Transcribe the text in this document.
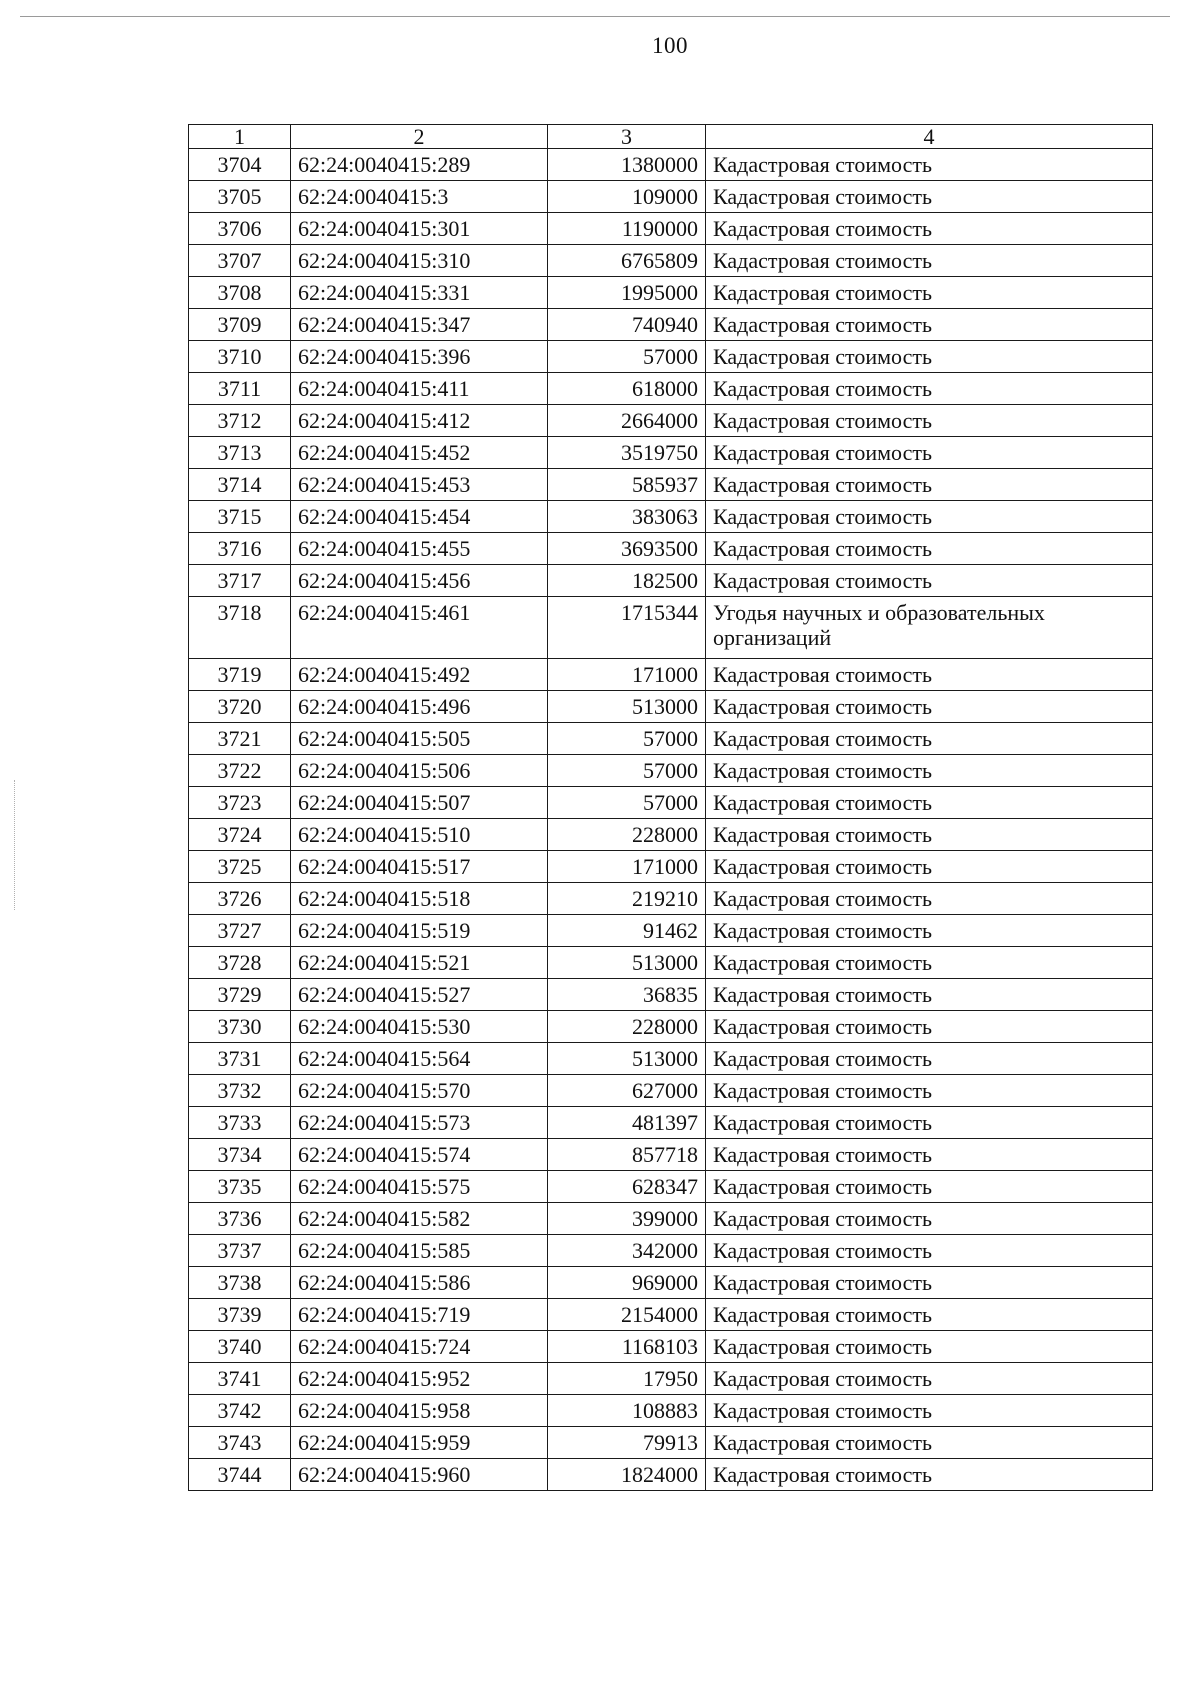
100
1	2	3	4
3704	62:24:0040415:289	1380000	Кадастровая стоимость
3705	62:24:0040415:3	109000	Кадастровая стоимость
3706	62:24:0040415:301	1190000	Кадастровая стоимость
3707	62:24:0040415:310	6765809	Кадастровая стоимость
3708	62:24:0040415:331	1995000	Кадастровая стоимость
3709	62:24:0040415:347	740940	Кадастровая стоимость
3710	62:24:0040415:396	57000	Кадастровая стоимость
3711	62:24:0040415:411	618000	Кадастровая стоимость
3712	62:24:0040415:412	2664000	Кадастровая стоимость
3713	62:24:0040415:452	3519750	Кадастровая стоимость
3714	62:24:0040415:453	585937	Кадастровая стоимость
3715	62:24:0040415:454	383063	Кадастровая стоимость
3716	62:24:0040415:455	3693500	Кадастровая стоимость
3717	62:24:0040415:456	182500	Кадастровая стоимость
3718	62:24:0040415:461	1715344	Угодья научных и образовательных организаций
3719	62:24:0040415:492	171000	Кадастровая стоимость
3720	62:24:0040415:496	513000	Кадастровая стоимость
3721	62:24:0040415:505	57000	Кадастровая стоимость
3722	62:24:0040415:506	57000	Кадастровая стоимость
3723	62:24:0040415:507	57000	Кадастровая стоимость
3724	62:24:0040415:510	228000	Кадастровая стоимость
3725	62:24:0040415:517	171000	Кадастровая стоимость
3726	62:24:0040415:518	219210	Кадастровая стоимость
3727	62:24:0040415:519	91462	Кадастровая стоимость
3728	62:24:0040415:521	513000	Кадастровая стоимость
3729	62:24:0040415:527	36835	Кадастровая стоимость
3730	62:24:0040415:530	228000	Кадастровая стоимость
3731	62:24:0040415:564	513000	Кадастровая стоимость
3732	62:24:0040415:570	627000	Кадастровая стоимость
3733	62:24:0040415:573	481397	Кадастровая стоимость
3734	62:24:0040415:574	857718	Кадастровая стоимость
3735	62:24:0040415:575	628347	Кадастровая стоимость
3736	62:24:0040415:582	399000	Кадастровая стоимость
3737	62:24:0040415:585	342000	Кадастровая стоимость
3738	62:24:0040415:586	969000	Кадастровая стоимость
3739	62:24:0040415:719	2154000	Кадастровая стоимость
3740	62:24:0040415:724	1168103	Кадастровая стоимость
3741	62:24:0040415:952	17950	Кадастровая стоимость
3742	62:24:0040415:958	108883	Кадастровая стоимость
3743	62:24:0040415:959	79913	Кадастровая стоимость
3744	62:24:0040415:960	1824000	Кадастровая стоимость
